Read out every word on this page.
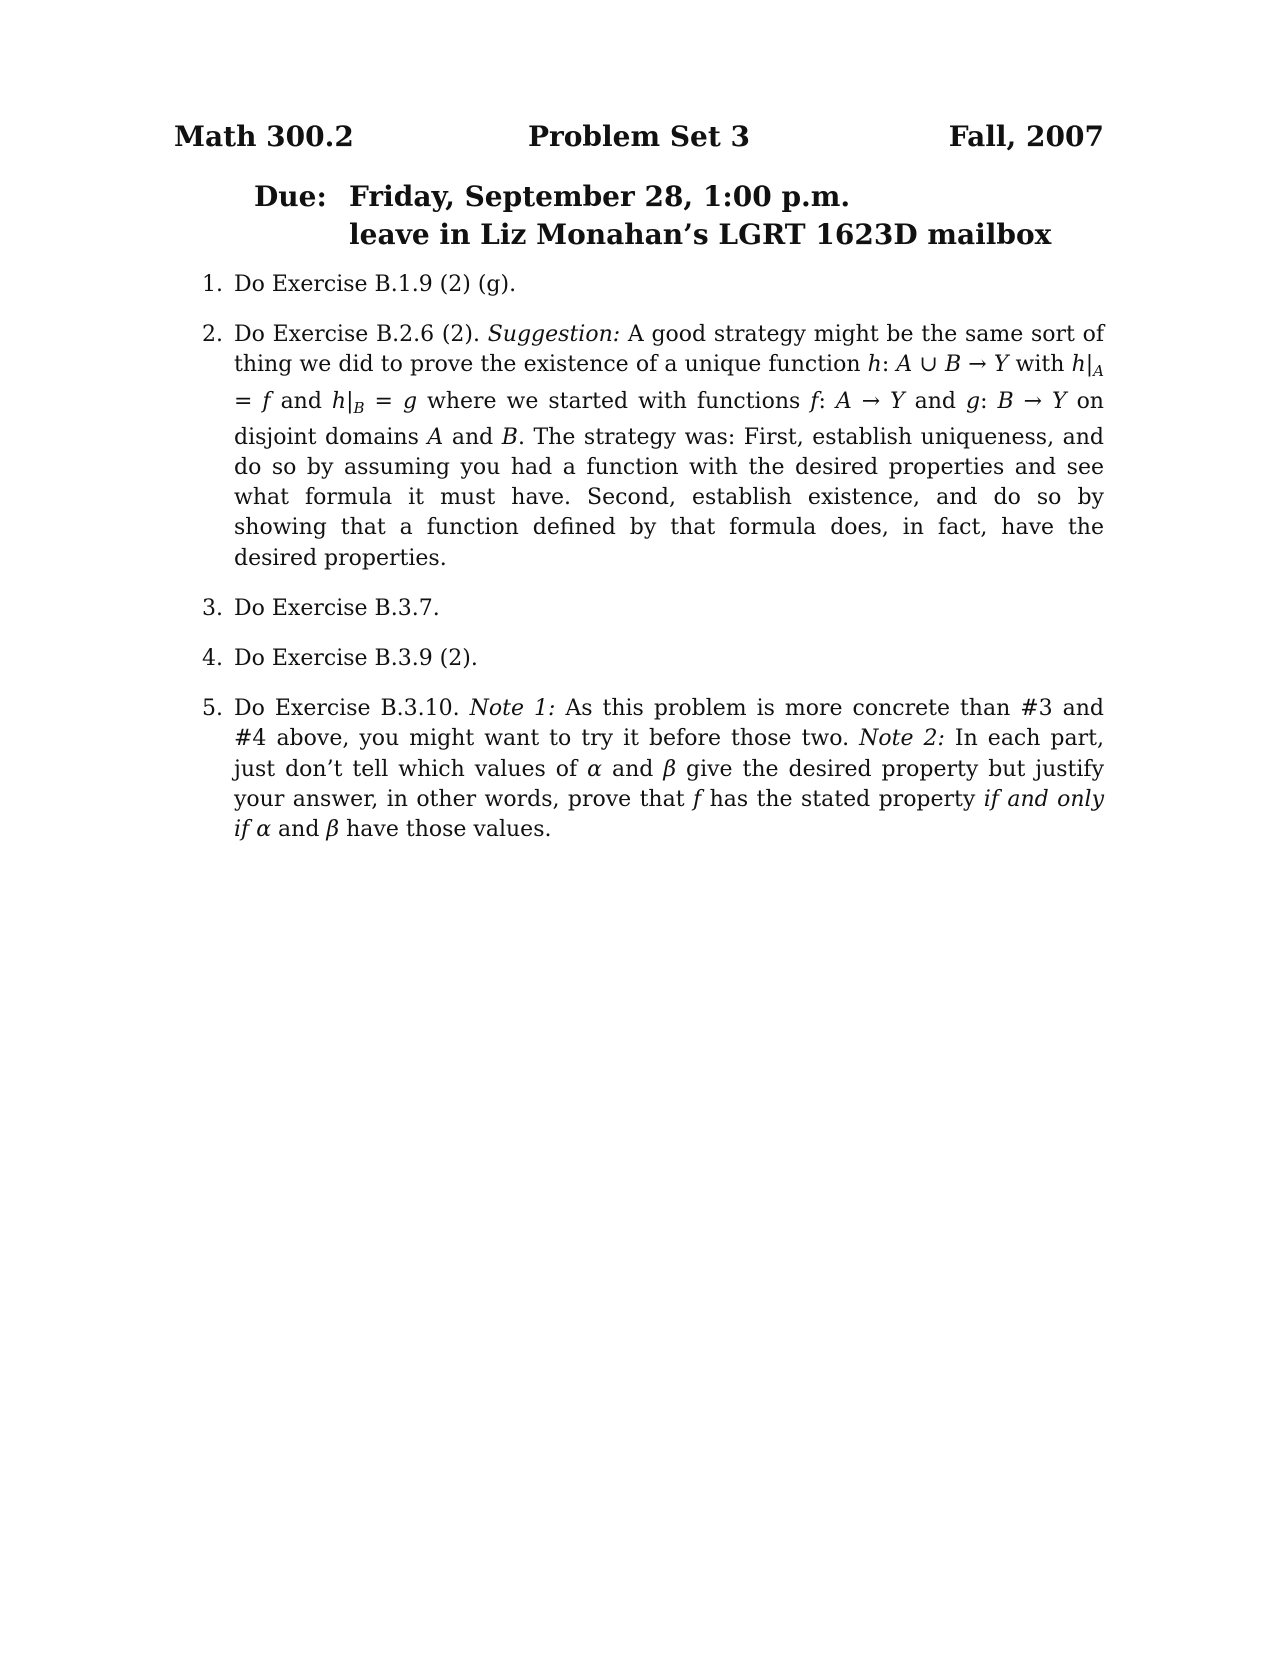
Math 300.2	Problem Set 3	Fall, 2007
Due: Friday, September 28, 1:00 p.m.
leave in Liz Monahan’s LGRT 1623D mailbox
1. Do Exercise B.1.9 (2) (g).
2. Do Exercise B.2.6 (2). Suggestion: A good strategy might be the same sort of thing we did to prove the existence of a unique function h: A ∪ B → Y with $h|_A = f$ and $h|_B = g$ where we started with functions f: A → Y and g: B → Y on disjoint domains A and B. The strategy was: First, establish uniqueness, and do so by assuming you had a function with the desired properties and see what formula it must have. Second, establish existence, and do so by showing that a function defined by that formula does, in fact, have the desired properties.
3. Do Exercise B.3.7.
4. Do Exercise B.3.9 (2).
5. Do Exercise B.3.10. Note 1: As this problem is more concrete than #3 and #4 above, you might want to try it before those two. Note 2: In each part, just don’t tell which values of α and β give the desired property but justify your answer, in other words, prove that f has the stated property if and only if α and β have those values.
